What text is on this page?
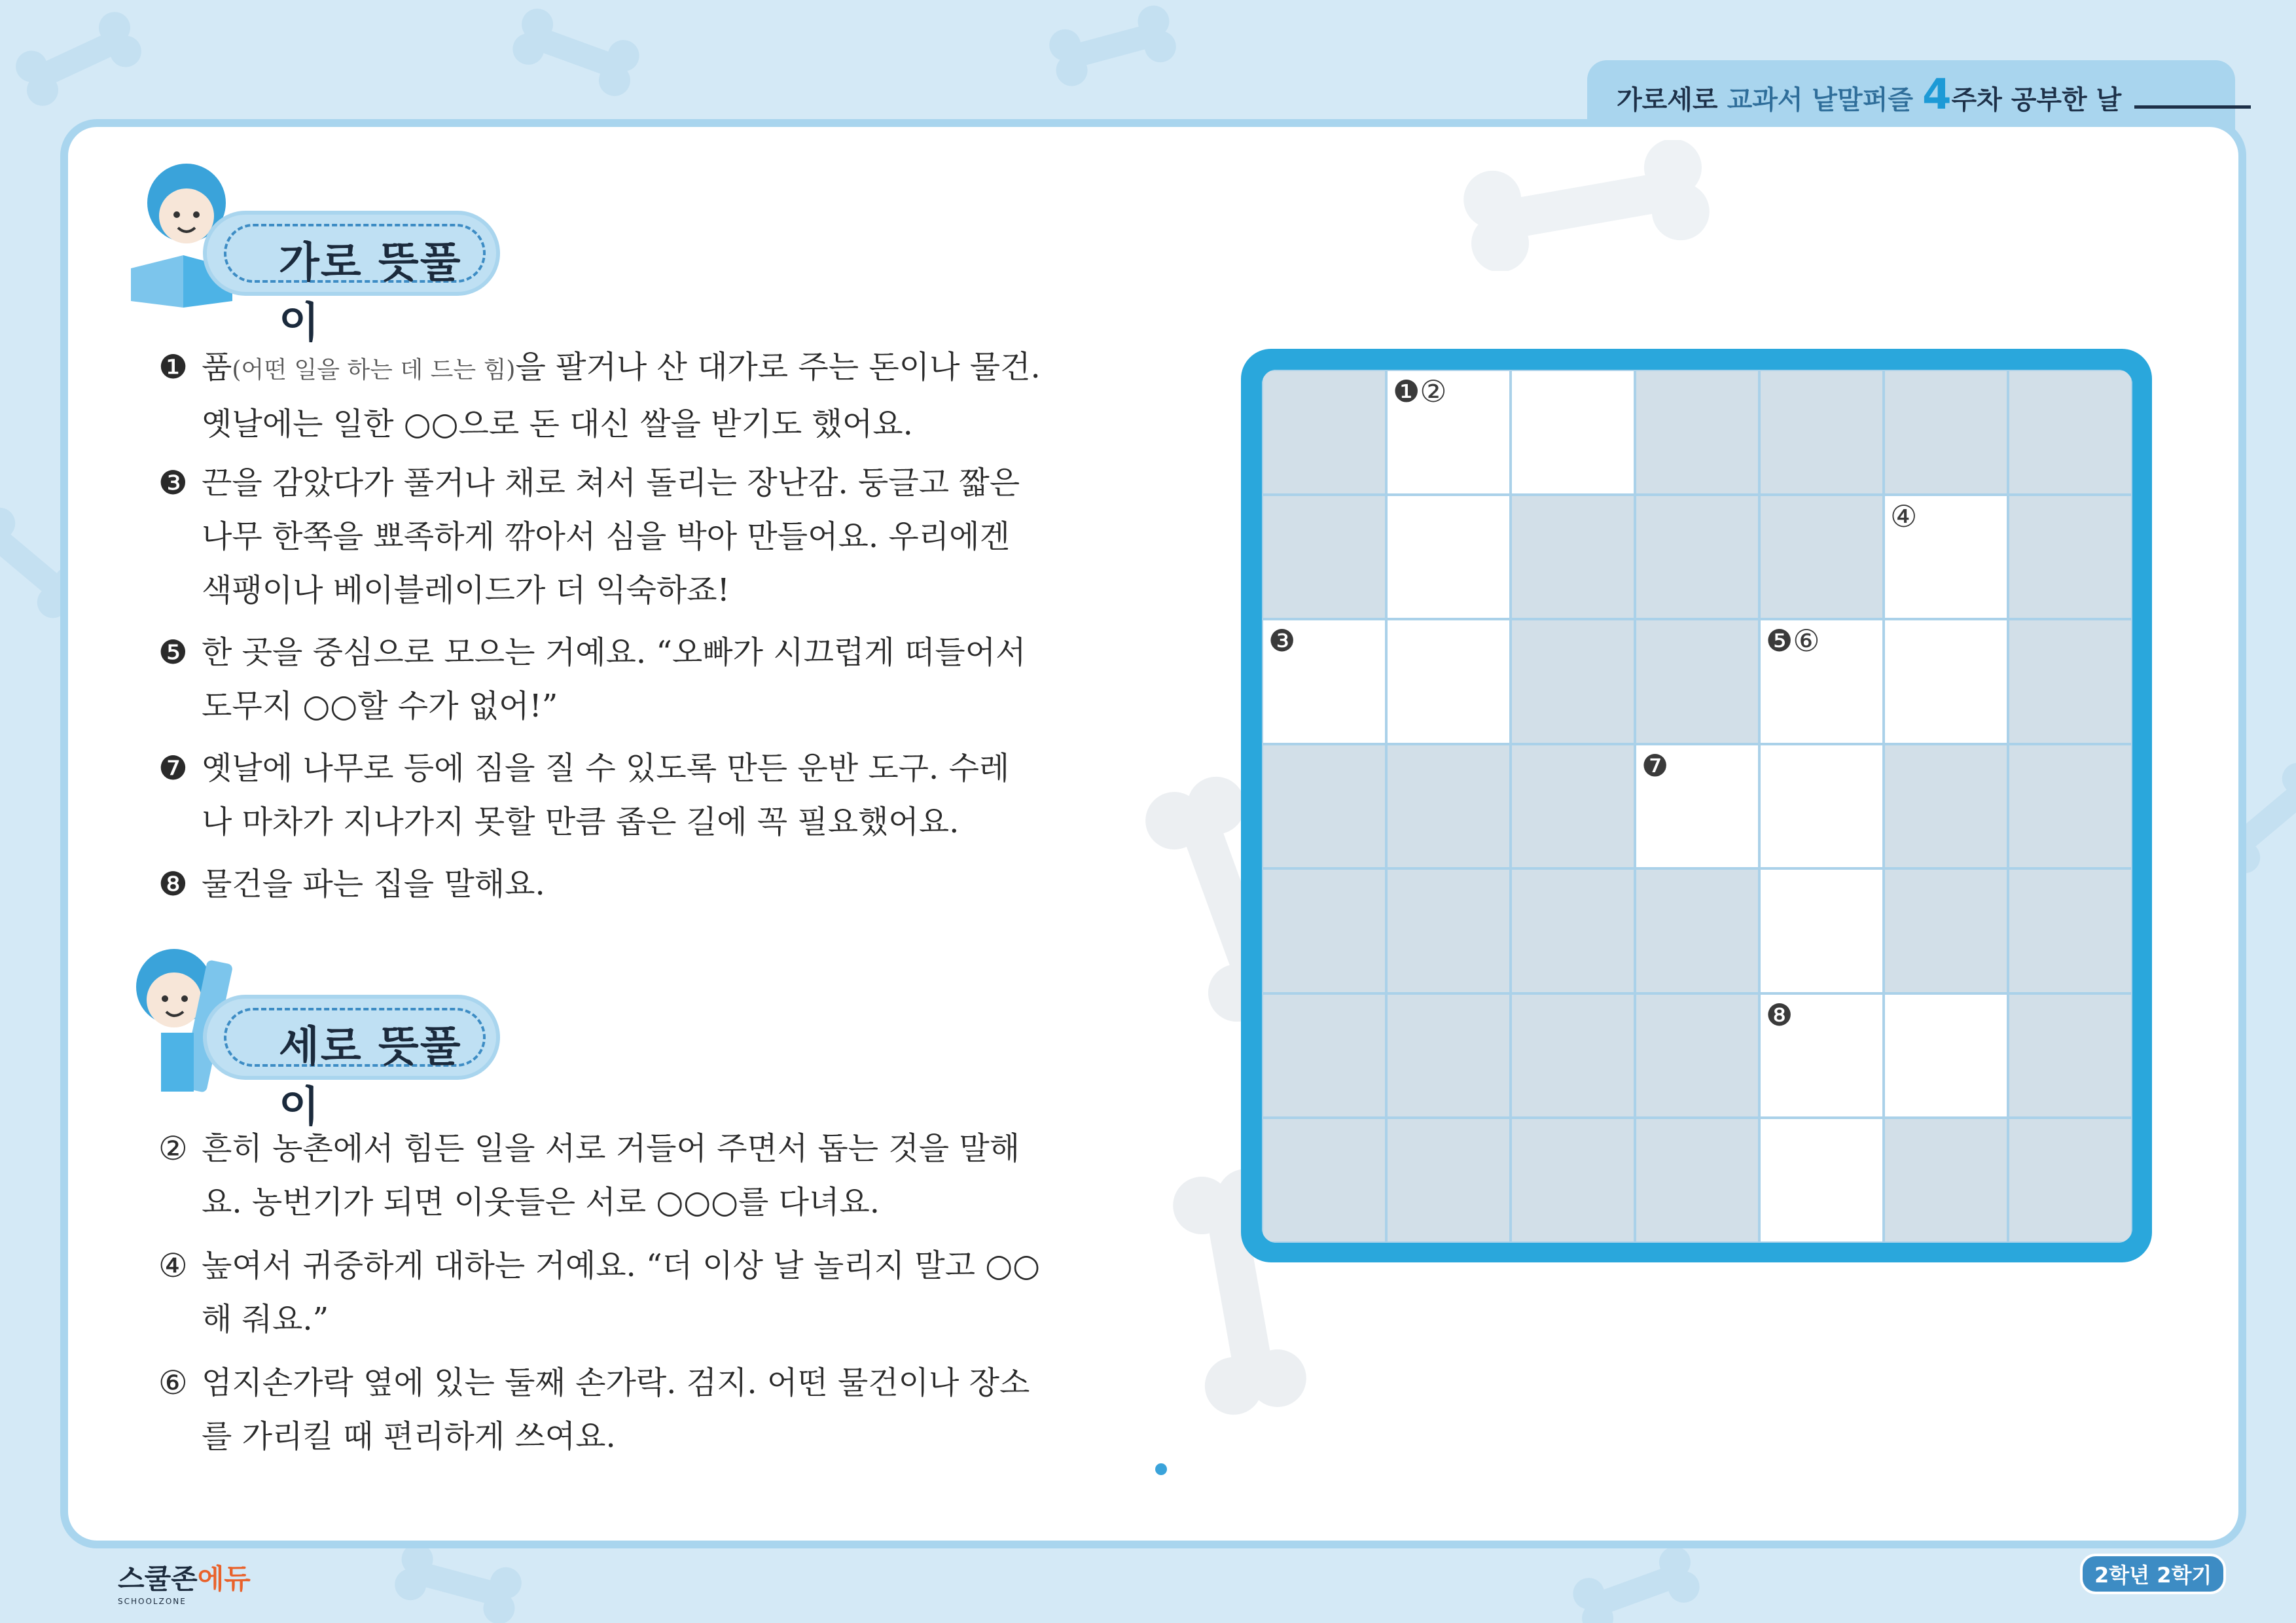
가로세로 교과서 낱말퍼즐 4주차 공부한 날
가로 뜻풀이
❶ 품(어떤 일을 하는 데 드는 힘)을 팔거나 산 대가로 주는 돈이나 물건.
옛날에는 일한 ○○으로 돈 대신 쌀을 받기도 했어요.
❸ 끈을 감았다가 풀거나 채로 쳐서 돌리는 장난감. 둥글고 짧은
나무 한쪽을 뾰족하게 깎아서 심을 박아 만들어요. 우리에겐
색팽이나 베이블레이드가 더 익숙하죠!
❺ 한 곳을 중심으로 모으는 거예요. “오빠가 시끄럽게 떠들어서
도무지 ○○할 수가 없어!”
❼ 옛날에 나무로 등에 짐을 질 수 있도록 만든 운반 도구. 수레
나 마차가 지나가지 못할 만큼 좁은 길에 꼭 필요했어요.
❽ 물건을 파는 집을 말해요.
세로 뜻풀이
② 흔히 농촌에서 힘든 일을 서로 거들어 주면서 돕는 것을 말해
요. 농번기가 되면 이웃들은 서로 ○○○를 다녀요.
④ 높여서 귀중하게 대하는 거예요. “더 이상 날 놀리지 말고 ○○
해 줘요.”
⑥ 엄지손가락 옆에 있는 둘째 손가락. 검지. 어떤 물건이나 장소
를 가리킬 때 편리하게 쓰여요.
❶②
④
❸	❺⑥
❼
❽
스쿨존에듀
SCHOOLZONE
2학년 2학기
